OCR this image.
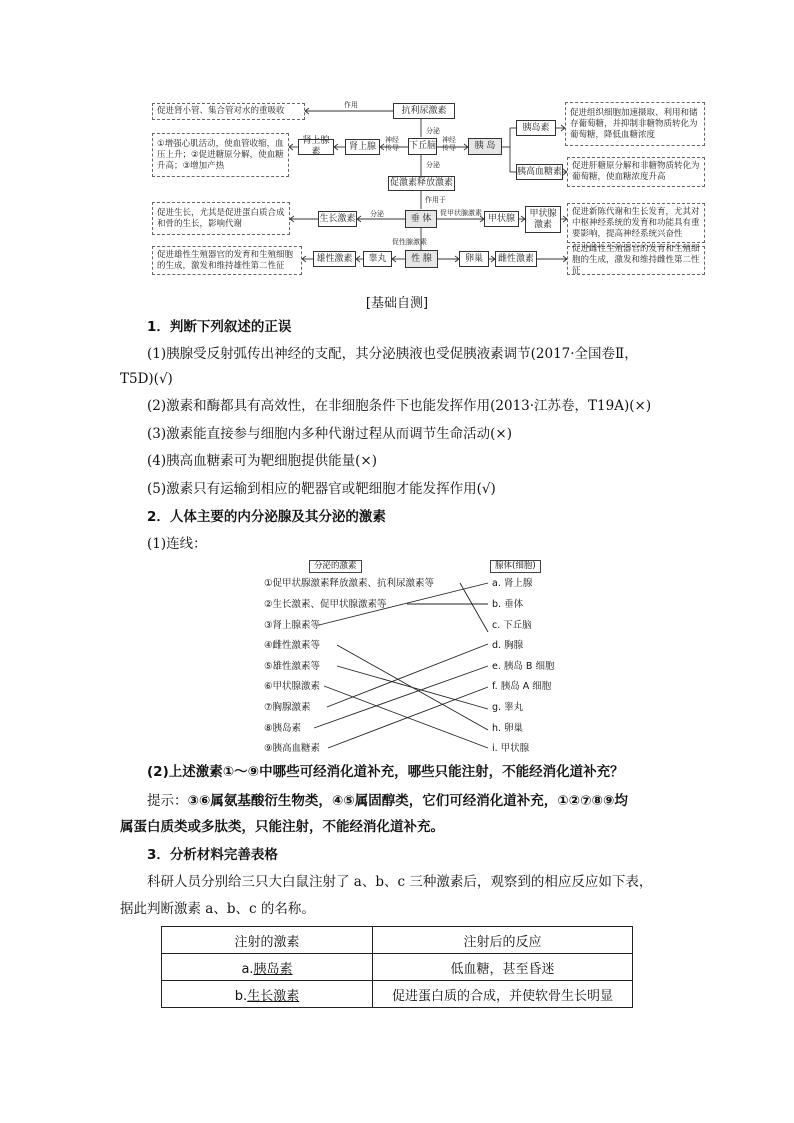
促进肾小管、集合管对水的重吸收
①增强心肌活动，使血管收缩，血压上升；②促进糖原分解，使血糖升高；③增加产热
促进组织细胞加速摄取、利用和储存葡萄糖，并抑制非糖物质转化为葡萄糖，降低血糖浓度
促进肝糖原分解和非糖物质转化为葡萄糖，使血糖浓度升高
促进生长，尤其是促进蛋白质合成和骨的生长，影响代谢
促进新陈代谢和生长发育，尤其对中枢神经系统的发育和功能具有重要影响，提高神经系统兴奋性
促进雄性生殖器官的发育和生殖细胞的生成，激发和维持雄性第二性征
促进雌性生殖器官的发育和生殖细胞的生成，激发和维持雌性第二性征
抗利尿激素
下丘脑
肾上腺
肾上腺素
胰 岛
胰岛素
胰高血糖素
促激素释放激素
垂 体
生长激素	甲状腺	甲状腺激素
性 腺
睾丸
雄性激素	卵巢	雌性激素
作用
分泌
分泌
神经传导
神经传导
作用于
分泌	促甲状腺激素
促性腺激素
[基础自测]
1．判断下列叙述的正误
(1)胰腺受反射弧传出神经的支配，其分泌胰液也受促胰液素调节(2017·全国卷Ⅱ，
T5D)(√)
(2)激素和酶都具有高效性，在非细胞条件下也能发挥作用(2013·江苏卷，T19A)(×)
(3)激素能直接参与细胞内多种代谢过程从而调节生命活动(×)
(4)胰高血糖素可为靶细胞提供能量(×)
(5)激素只有运输到相应的靶器官或靶细胞才能发挥作用(√)
2．人体主要的内分泌腺及其分泌的激素
(1)连线：
分泌的激素	腺体(细胞)
①促甲状腺激素释放激素、抗利尿激素等
②生长激素、促甲状腺激素等
③肾上腺素等
④雌性激素等
⑤雄性激素等
⑥甲状腺激素
⑦胸腺激素
⑧胰岛素
⑨胰高血糖素
a. 肾上腺
b. 垂体
c. 下丘脑
d. 胸腺
e. 胰岛 B 细胞
f. 胰岛 A 细胞
g. 睾丸
h. 卵巢
i. 甲状腺
(2)上述激素①～⑨中哪些可经消化道补充，哪些只能注射，不能经消化道补充？
提示：③⑥属氨基酸衍生物类，④⑤属固醇类，它们可经消化道补充，①②⑦⑧⑨均
属蛋白质类或多肽类，只能注射，不能经消化道补充。
3．分析材料完善表格
科研人员分别给三只大白鼠注射了 a、b、c 三种激素后，观察到的相应反应如下表，
据此判断激素 a、b、c 的名称。
注射的激素	注射后的反应
a.胰岛素	低血糖，甚至昏迷
b.生长激素	促进蛋白质的合成，并使软骨生长明显
